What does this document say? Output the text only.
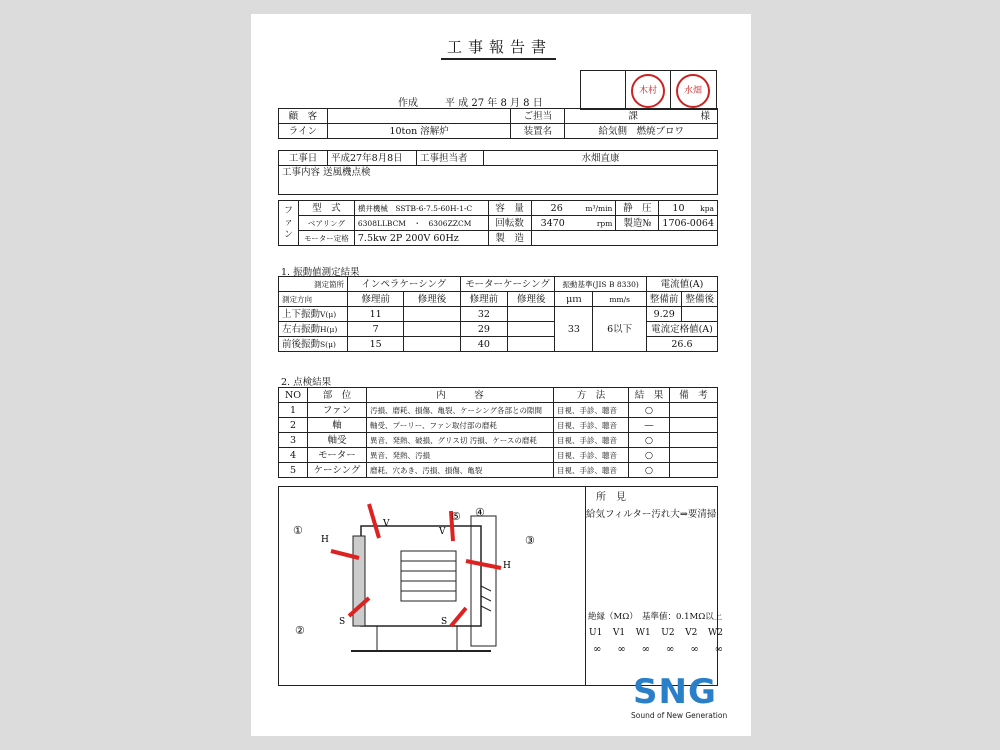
工事報告書
木村	水畑
作成	平 成 27 年 8 月 8 日
顧　客		ご担当	課 様

ライン	10ton 溶解炉	装置名	給気側　燃焼ブロワ
工事日	平成27年8月8日	工事担当者	水畑直康
工事内容 送風機点検
ファン	型　式	横井機械　SSTB-6-7.5-60H-1-C	容　量	26 m³/min	静　圧	10 kpa

	ベアリング	6308LLBCM　・　6306ZZCM	回転数	3470 rpm	製造№	1706-0064
	モーター定格	7.5kw 2P 200V 60Hz	製　造			
1. 振動値測定結果
測定箇所	インペラケーシング		モーターケーシング		振動基準(JIS B 8330)		電流値(A)	
測定方向	修理前	修理後	修理前	修理後	μｍ	mm/s	整備前	整備後
上下振動V(μ)	11		32		33	6以下	9.29	
左右振動H(μ)	7		29				電流定格値(A)	
前後振動S(μ)	15		40				26.6	
2. 点検結果
NO	部　位	内　　　容	方　法	結　果	備　考
1	ファン	汚損、磨耗、損傷、亀裂、ケーシング各部との隙間	目視、手診、聴音	○	
2	軸	軸受、プーリー、ファン取付部の磨耗	目視、手診、聴音	—	
3	軸受	異音、発熱、破損、グリス切 汚損、ケースの磨耗	目視、手診、聴音	○	
4	モーター	異音、発熱、汚損	目視、手診、聴音	○	
5	ケーシング	磨耗、穴あき、汚損、損傷、亀裂	目視、手診、聴音	○	
①
②
③
④
⑤
H
V
V
H
S	S
所　見
給気フィルター汚れ大⇒要清掃
絶縁（MΩ）　基準値：0.1MΩ以上
U1 V1 W1 U2 V2 W2
∞ ∞ ∞ ∞ ∞ ∞
SNG
Sound of New Generation
